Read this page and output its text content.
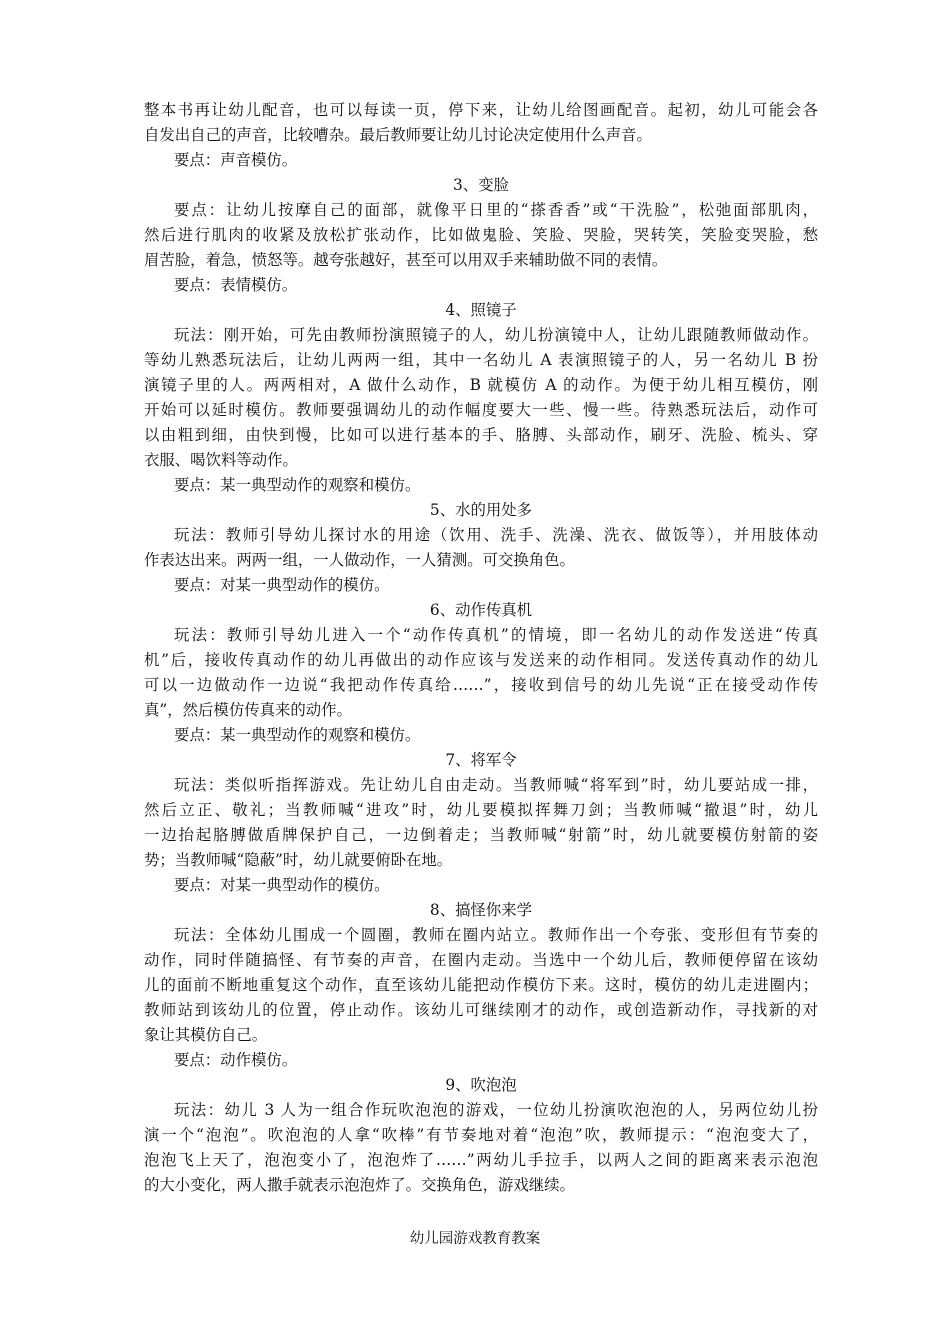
整本书再让幼儿配音，也可以每读一页，停下来，让幼儿给图画配音。起初，幼儿可能会各
自发出自己的声音，比较嘈杂。最后教师要让幼儿讨论决定使用什么声音。
要点：声音模仿。
3、变脸
要点：让幼儿按摩自己的面部，就像平日里的“搽香香”或“干洗脸”，松弛面部肌肉，
然后进行肌肉的收紧及放松扩张动作，比如做鬼脸、笑脸、哭脸，哭转笑，笑脸变哭脸，愁
眉苦脸，着急，愤怒等。越夸张越好，甚至可以用双手来辅助做不同的表情。
要点：表情模仿。
4、照镜子
玩法：刚开始，可先由教师扮演照镜子的人，幼儿扮演镜中人，让幼儿跟随教师做动作。
等幼儿熟悉玩法后，让幼儿两两一组，其中一名幼儿 A 表演照镜子的人，另一名幼儿 B 扮
演镜子里的人。两两相对，A 做什么动作，B 就模仿 A 的动作。为便于幼儿相互模仿，刚
开始可以延时模仿。教师要强调幼儿的动作幅度要大一些、慢一些。待熟悉玩法后，动作可
以由粗到细，由快到慢，比如可以进行基本的手、胳膊、头部动作，刷牙、洗脸、梳头、穿
衣服、喝饮料等动作。
要点：某一典型动作的观察和模仿。
5、水的用处多
玩法：教师引导幼儿探讨水的用途（饮用、洗手、洗澡、洗衣、做饭等），并用肢体动
作表达出来。两两一组，一人做动作，一人猜测。可交换角色。
要点：对某一典型动作的模仿。
6、动作传真机
玩法：教师引导幼儿进入一个“动作传真机”的情境，即一名幼儿的动作发送进“传真
机”后，接收传真动作的幼儿再做出的动作应该与发送来的动作相同。发送传真动作的幼儿
可以一边做动作一边说“我把动作传真给……”，接收到信号的幼儿先说“正在接受动作传
真”，然后模仿传真来的动作。
要点：某一典型动作的观察和模仿。
7、将军令
玩法：类似听指挥游戏。先让幼儿自由走动。当教师喊“将军到”时，幼儿要站成一排，
然后立正、敬礼；当教师喊“进攻”时，幼儿要模拟挥舞刀剑；当教师喊“撤退”时，幼儿
一边抬起胳膊做盾牌保护自己，一边倒着走；当教师喊“射箭”时，幼儿就要模仿射箭的姿
势；当教师喊“隐蔽”时，幼儿就要俯卧在地。
要点：对某一典型动作的模仿。
8、搞怪你来学
玩法：全体幼儿围成一个圆圈，教师在圈内站立。教师作出一个夸张、变形但有节奏的
动作，同时伴随搞怪、有节奏的声音，在圈内走动。当选中一个幼儿后，教师便停留在该幼
儿的面前不断地重复这个动作，直至该幼儿能把动作模仿下来。这时，模仿的幼儿走进圈内；
教师站到该幼儿的位置，停止动作。该幼儿可继续刚才的动作，或创造新动作，寻找新的对
象让其模仿自己。
要点：动作模仿。
9、吹泡泡
玩法：幼儿 3 人为一组合作玩吹泡泡的游戏，一位幼儿扮演吹泡泡的人，另两位幼儿扮
演一个“泡泡”。吹泡泡的人拿“吹棒”有节奏地对着“泡泡”吹，教师提示：“泡泡变大了，
泡泡飞上天了，泡泡变小了，泡泡炸了……”两幼儿手拉手，以两人之间的距离来表示泡泡
的大小变化，两人撒手就表示泡泡炸了。交换角色，游戏继续。
幼儿园游戏教育教案
